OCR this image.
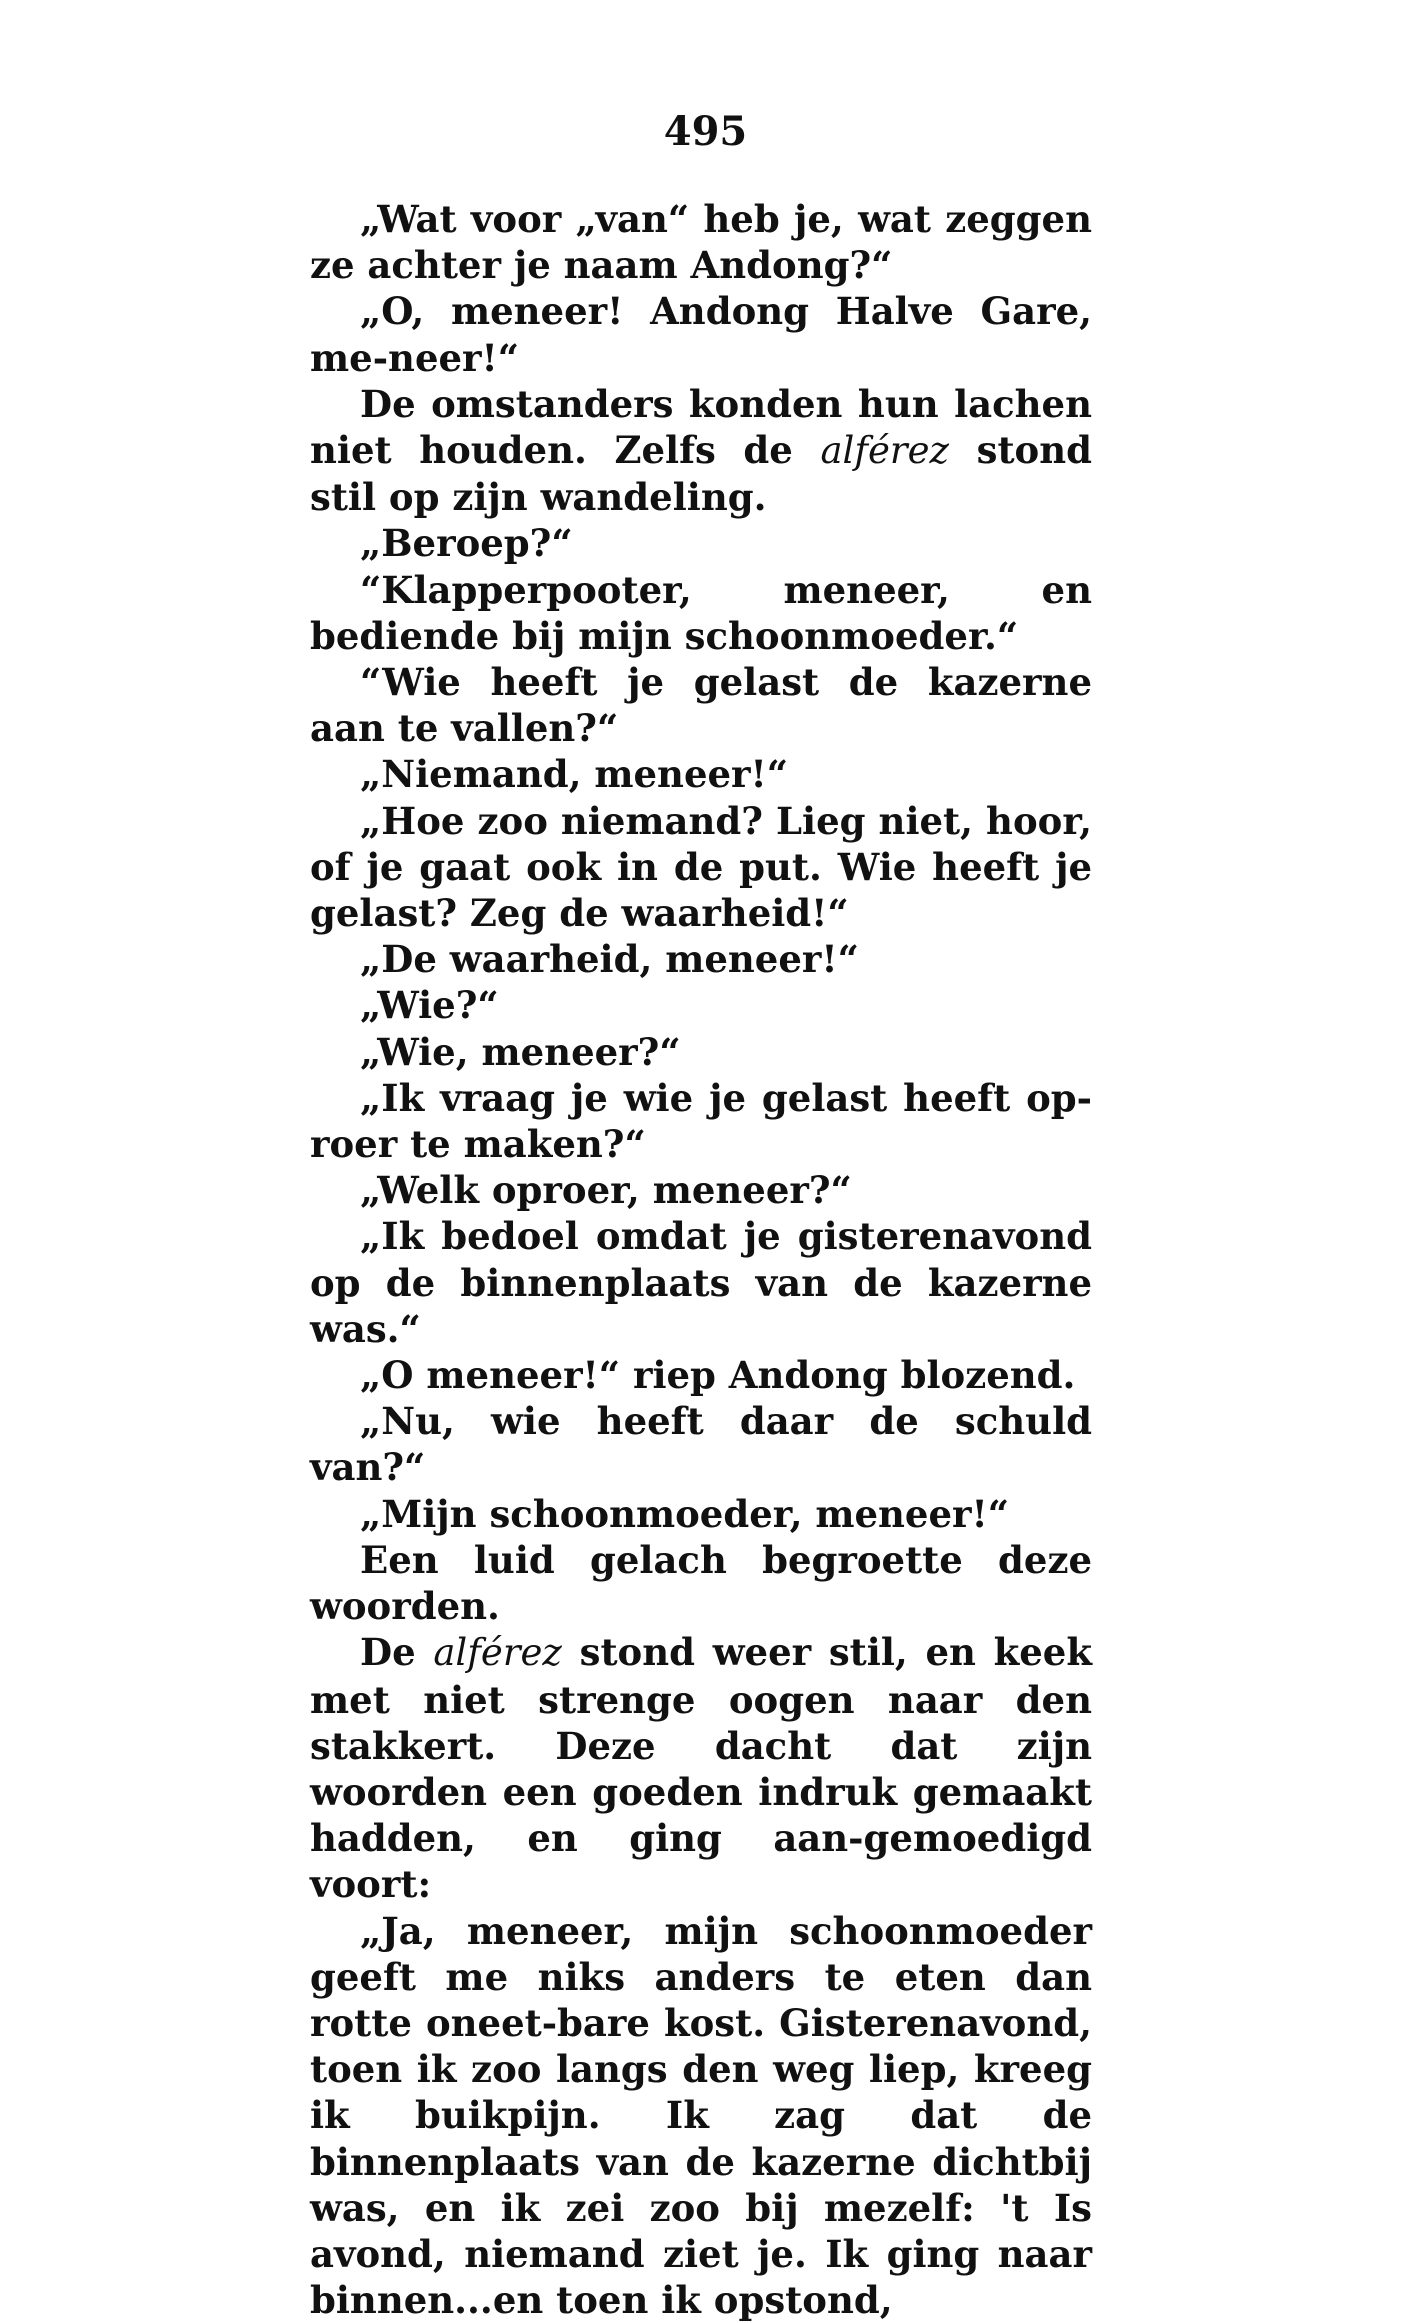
495

„Wat voor „van“ heb je, wat zeggen ze achter je naam Andong?“

„O, meneer! Andong Halve Gare, me-neer!“

De omstanders konden hun lachen niet houden. Zelfs de alférez stond stil op zijn wandeling.

„Beroep?“

“Klapperpooter, meneer, en bediende bij mijn schoonmoeder.“

“Wie heeft je gelast de kazerne aan te vallen?“

„Niemand, meneer!“

„Hoe zoo niemand? Lieg niet, hoor, of je gaat ook in de put. Wie heeft je gelast? Zeg de waarheid!“

„De waarheid, meneer!“

„Wie?“

„Wie, meneer?“

„Ik vraag je wie je gelast heeft op-roer te maken?“

„Welk oproer, meneer?“

„Ik bedoel omdat je gisterenavond op de binnenplaats van de kazerne was.“

„O meneer!“ riep Andong blozend.

„Nu, wie heeft daar de schuld van?“

„Mijn schoonmoeder, meneer!“

Een luid gelach begroette deze woorden.

De alférez stond weer stil, en keek met niet strenge oogen naar den stakkert. Deze dacht dat zijn woorden een goeden indruk gemaakt hadden, en ging aan-gemoedigd voort:

„Ja, meneer, mijn schoonmoeder geeft me niks anders te eten dan rotte oneet-bare kost. Gisterenavond, toen ik zoo langs den weg liep, kreeg ik buikpijn. Ik zag dat de binnenplaats van de kazerne dichtbij was, en ik zei zoo bij mezelf: 't Is avond, niemand ziet je. Ik ging naar binnen...en toen ik opstond,
